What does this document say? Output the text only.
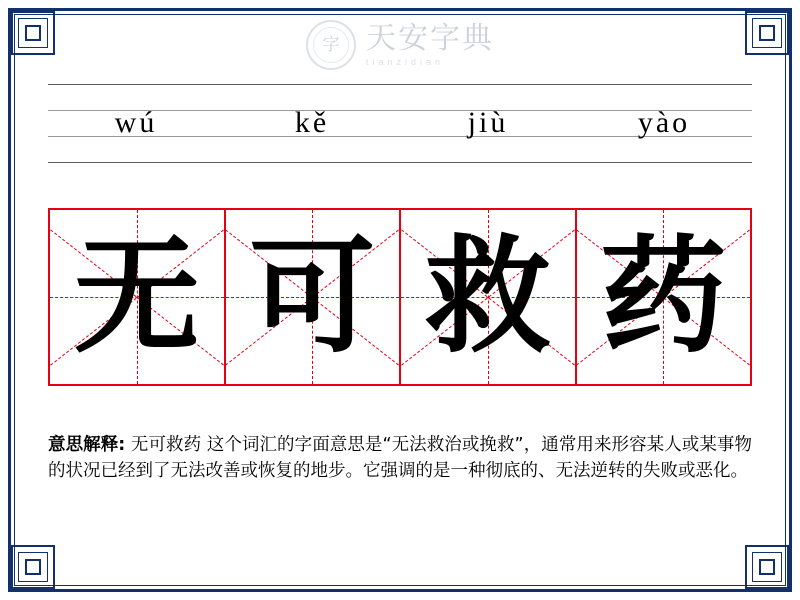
字 天安字典
tianzidian
wú	kě	jiù	yào
无 可 救 药
意思解释: 无可救药 这个词汇的字面意思是“无法救治或挽救”，通常用来形容某人或某事物的状况已经到了无法改善或恢复的地步。它强调的是一种彻底的、无法逆转的失败或恶化。
